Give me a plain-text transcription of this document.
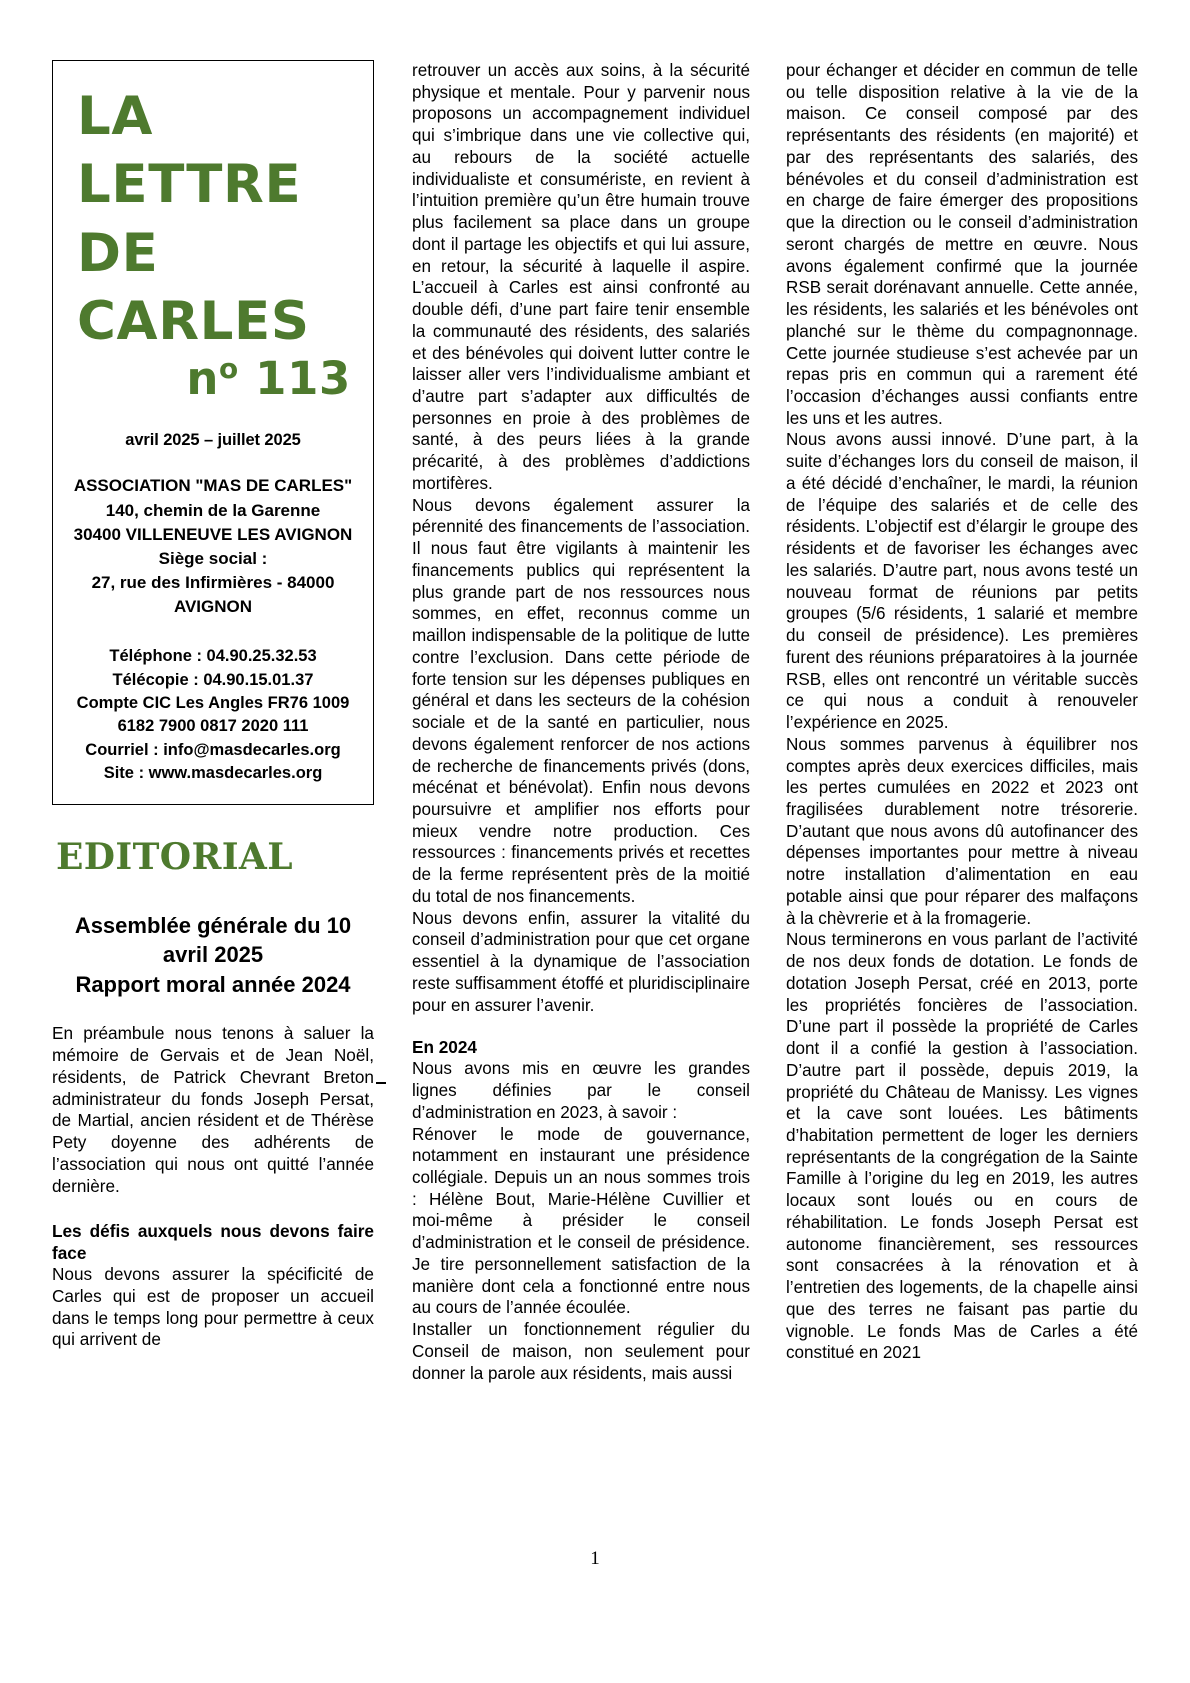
LA
LETTRE
DE
CARLES
$n^o$ 113
avril 2025 – juillet 2025
ASSOCIATION "MAS DE CARLES"
140, chemin de la Garenne
30400 VILLENEUVE LES AVIGNON
Siège social :
27, rue des Infirmières - 84000
AVIGNON
Téléphone : 04.90.25.32.53
Télécopie : 04.90.15.01.37
Compte CIC Les Angles FR76 1009
6182 7900 0817 2020 111
Courriel : info@masdecarles.org
Site : www.masdecarles.org
EDITORIAL
Assemblée générale du 10
avril 2025
Rapport moral année 2024

En préambule nous tenons à saluer la mémoire de Gervais et de Jean Noël, résidents, de Patrick Chevrant Breton administrateur du fonds Joseph Persat, de Martial, ancien résident et de Thérèse Pety doyenne des adhérents de l’association qui nous ont quitté l’année dernière.

Les défis auxquels nous devons faire face

Nous devons assurer la spécificité de Carles qui est de proposer un accueil dans le temps long pour permettre à ceux qui arrivent de

retrouver un accès aux soins, à la sécurité physique et mentale. Pour y parvenir nous proposons un accompagnement individuel qui s’imbrique dans une vie collective qui, au rebours de la société actuelle individualiste et consumériste, en revient à l’intuition première qu’un être humain trouve plus facilement sa place dans un groupe dont il partage les objectifs et qui lui assure, en retour, la sécurité à laquelle il aspire. L’accueil à Carles est ainsi confronté au double défi, d’une part faire tenir ensemble la communauté des résidents, des salariés et des bénévoles qui doivent lutter contre le laisser aller vers l’individualisme ambiant et d’autre part s’adapter aux difficultés de personnes en proie à des problèmes de santé, à des peurs liées à la grande précarité, à des problèmes d’addictions mortifères.

Nous devons également assurer la pérennité des financements de l’association. Il nous faut être vigilants à maintenir les financements publics qui représentent la plus grande part de nos ressources nous sommes, en effet, reconnus comme un maillon indispensable de la politique de lutte contre l’exclusion. Dans cette période de forte tension sur les dépenses publiques en général et dans les secteurs de la cohésion sociale et de la santé en particulier, nous devons également renforcer de nos actions de recherche de financements privés (dons, mécénat et bénévolat). Enfin nous devons poursuivre et amplifier nos efforts pour mieux vendre notre production. Ces ressources : financements privés et recettes de la ferme représentent près de la moitié du total de nos financements.

Nous devons enfin, assurer la vitalité du conseil d’administration pour que cet organe essentiel à la dynamique de l’association reste suffisamment étoffé et pluridisciplinaire pour en assurer l’avenir.

En 2024

Nous avons mis en œuvre les grandes lignes définies par le conseil d’administration en 2023, à savoir :

Rénover le mode de gouvernance, notamment en instaurant une présidence collégiale. Depuis un an nous sommes trois : Hélène Bout, Marie-Hélène Cuvillier et moi-même à présider le conseil d’administration et le conseil de présidence. Je tire personnellement satisfaction de la manière dont cela a fonctionné entre nous au cours de l’année écoulée.

Installer un fonctionnement régulier du Conseil de maison, non seulement pour donner la parole aux résidents, mais aussi

pour échanger et décider en commun de telle ou telle disposition relative à la vie de la maison. Ce conseil composé par des représentants des résidents (en majorité) et par des représentants des salariés, des bénévoles et du conseil d’administration est en charge de faire émerger des propositions que la direction ou le conseil d’administration seront chargés de mettre en œuvre. Nous avons également confirmé que la journée RSB serait dorénavant annuelle. Cette année, les résidents, les salariés et les bénévoles ont planché sur le thème du compagnonnage. Cette journée studieuse s’est achevée par un repas pris en commun qui a rarement été l’occasion d’échanges aussi confiants entre les uns et les autres.

Nous avons aussi innové. D’une part, à la suite d’échanges lors du conseil de maison, il a été décidé d’enchaîner, le mardi, la réunion de l’équipe des salariés et de celle des résidents. L’objectif est d’élargir le groupe des résidents et de favoriser les échanges avec les salariés. D’autre part, nous avons testé un nouveau format de réunions par petits groupes (5/6 résidents, 1 salarié et membre du conseil de présidence). Les premières furent des réunions préparatoires à la journée RSB, elles ont rencontré un véritable succès ce qui nous a conduit à renouveler l’expérience en 2025.

Nous sommes parvenus à équilibrer nos comptes après deux exercices difficiles, mais les pertes cumulées en 2022 et 2023 ont fragilisées durablement notre trésorerie. D’autant que nous avons dû autofinancer des dépenses importantes pour mettre à niveau notre installation d’alimentation en eau potable ainsi que pour réparer des malfaçons à la chèvrerie et à la fromagerie.

Nous terminerons en vous parlant de l’activité de nos deux fonds de dotation. Le fonds de dotation Joseph Persat, créé en 2013, porte les propriétés foncières de l’association. D’une part il possède la propriété de Carles dont il a confié la gestion à l’association. D’autre part il possède, depuis 2019, la propriété du Château de Manissy. Les vignes et la cave sont louées. Les bâtiments d’habitation permettent de loger les derniers représentants de la congrégation de la Sainte Famille à l’origine du leg en 2019, les autres locaux sont loués ou en cours de réhabilitation. Le fonds Joseph Persat est autonome financièrement, ses ressources sont consacrées à la rénovation et à l’entretien des logements, de la chapelle ainsi que des terres ne faisant pas partie du vignoble. Le fonds Mas de Carles a été constitué en 2021

1
